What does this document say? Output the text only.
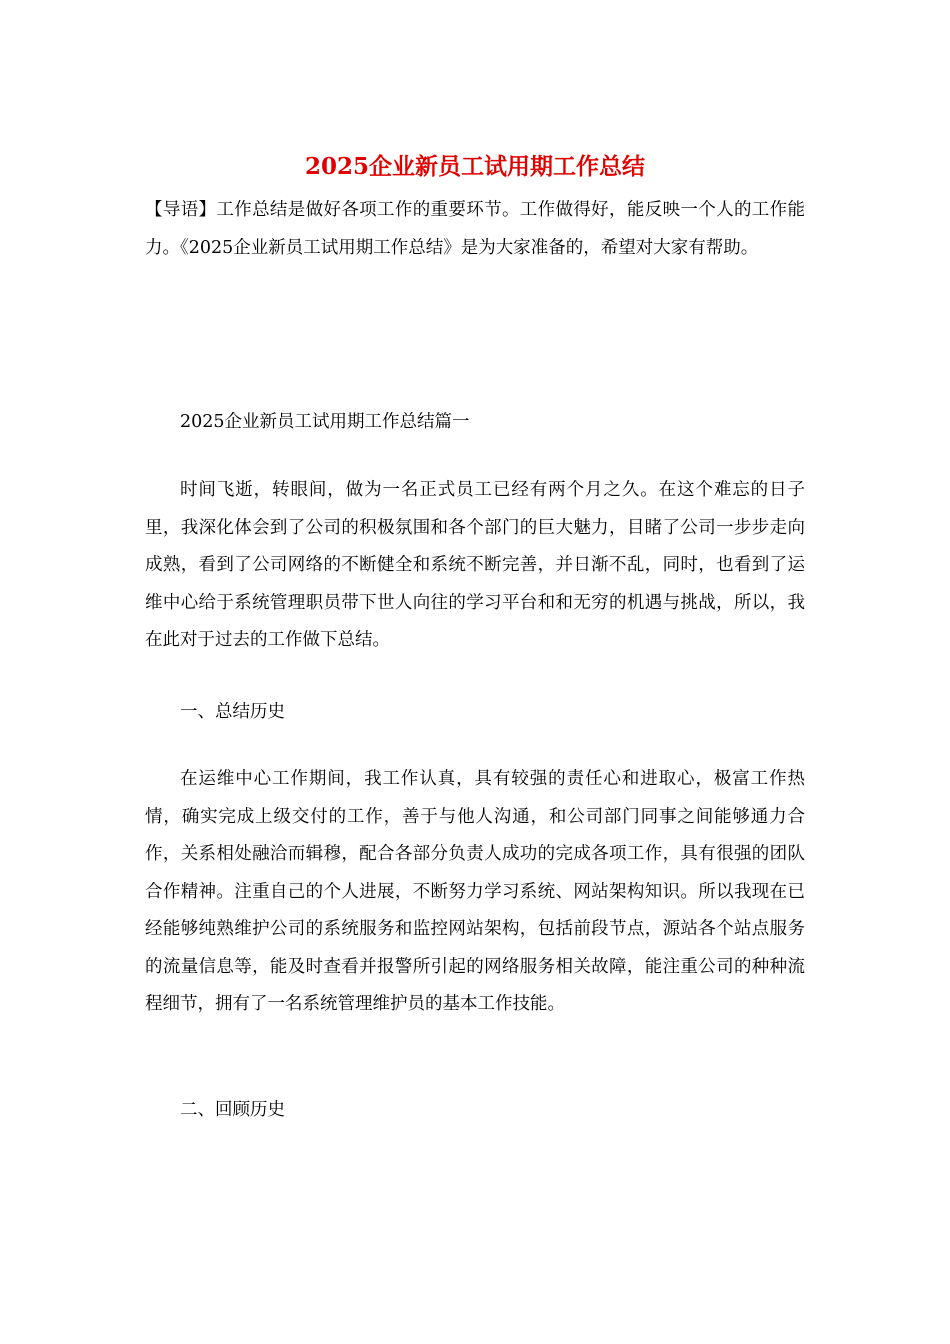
2025企业新员工试用期工作总结

【导语】工作总结是做好各项工作的重要环节。工作做得好，能反映一个人的工作能力。《2025企业新员工试用期工作总结》是为大家准备的，希望对大家有帮助。

2025企业新员工试用期工作总结篇一

时间飞逝，转眼间，做为一名正式员工已经有两个月之久。在这个难忘的日子里，我深化体会到了公司的积极氛围和各个部门的巨大魅力，目睹了公司一步步走向成熟，看到了公司网络的不断健全和系统不断完善，并日渐不乱，同时，也看到了运维中心给于系统管理职员带下世人向往的学习平台和和无穷的机遇与挑战，所以，我在此对于过去的工作做下总结。

一、总结历史

在运维中心工作期间，我工作认真，具有较强的责任心和进取心，极富工作热情，确实完成上级交付的工作，善于与他人沟通，和公司部门同事之间能够通力合作，关系相处融洽而辑穆，配合各部分负责人成功的完成各项工作，具有很强的团队合作精神。注重自己的个人进展，不断努力学习系统、网站架构知识。所以我现在已经能够纯熟维护公司的系统服务和监控网站架构，包括前段节点，源站各个站点服务的流量信息等，能及时查看并报警所引起的网络服务相关故障，能注重公司的种种流程细节，拥有了一名系统管理维护员的基本工作技能。

二、回顾历史
